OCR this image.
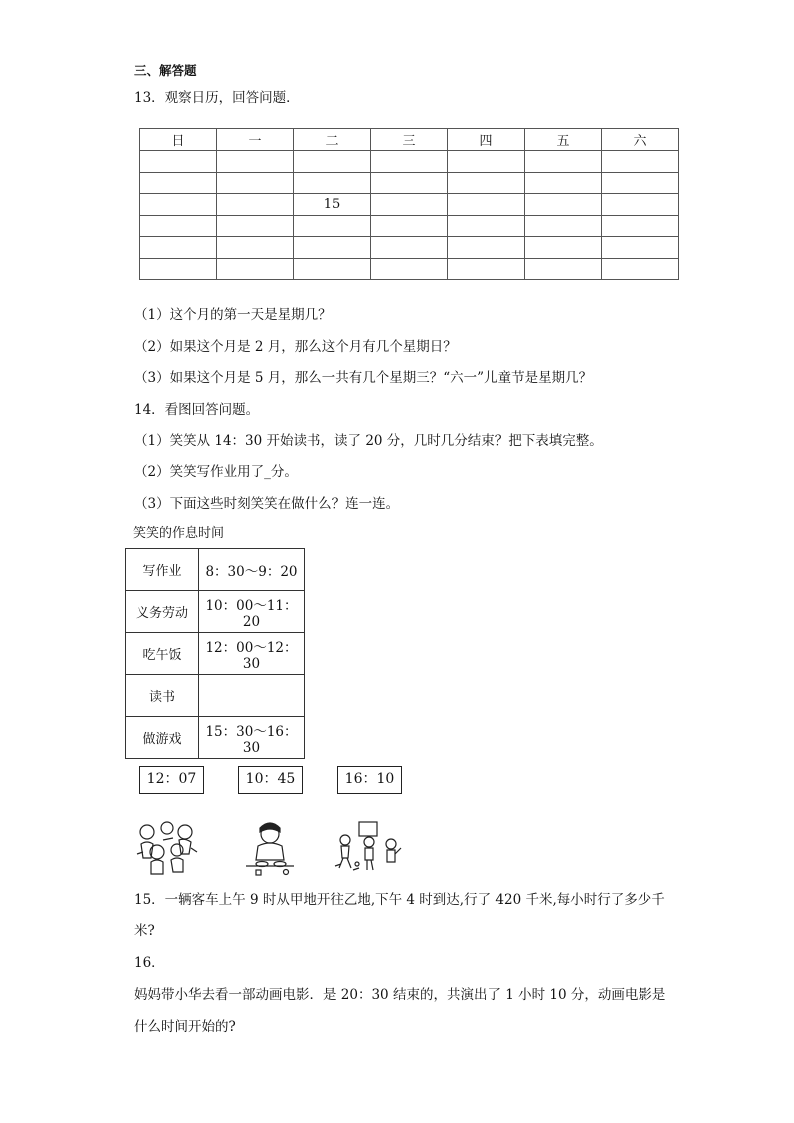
三、解答题
13．观察日历，回答问题．
日	一	二	三	四	五	六

		15				

（1）这个月的第一天是星期几？
（2）如果这个月是 2 月，那么这个月有几个星期日？
（3）如果这个月是 5 月，那么一共有几个星期三？“六一”儿童节是星期几？
14．看图回答问题。
（1）笑笑从 14：30 开始读书，读了 20 分，几时几分结束？把下表填完整。
（2）笑笑写作业用了_分。
（3）下面这些时刻笑笑在做什么？连一连。
笑笑的作息时间
写作业	8：30～9：20
义务劳动	10：00～11：20
吃午饭	12：00～12：30
读书	
做游戏	15：30～16：30
12：07	10：45	16：10
15．一辆客车上午 9 时从甲地开往乙地,下午 4 时到达,行了 420 千米,每小时行了多少千
米?
16．
妈妈带小华去看一部动画电影．是 20：30 结束的，共演出了 1 小时 10 分，动画电影是
什么时间开始的?
